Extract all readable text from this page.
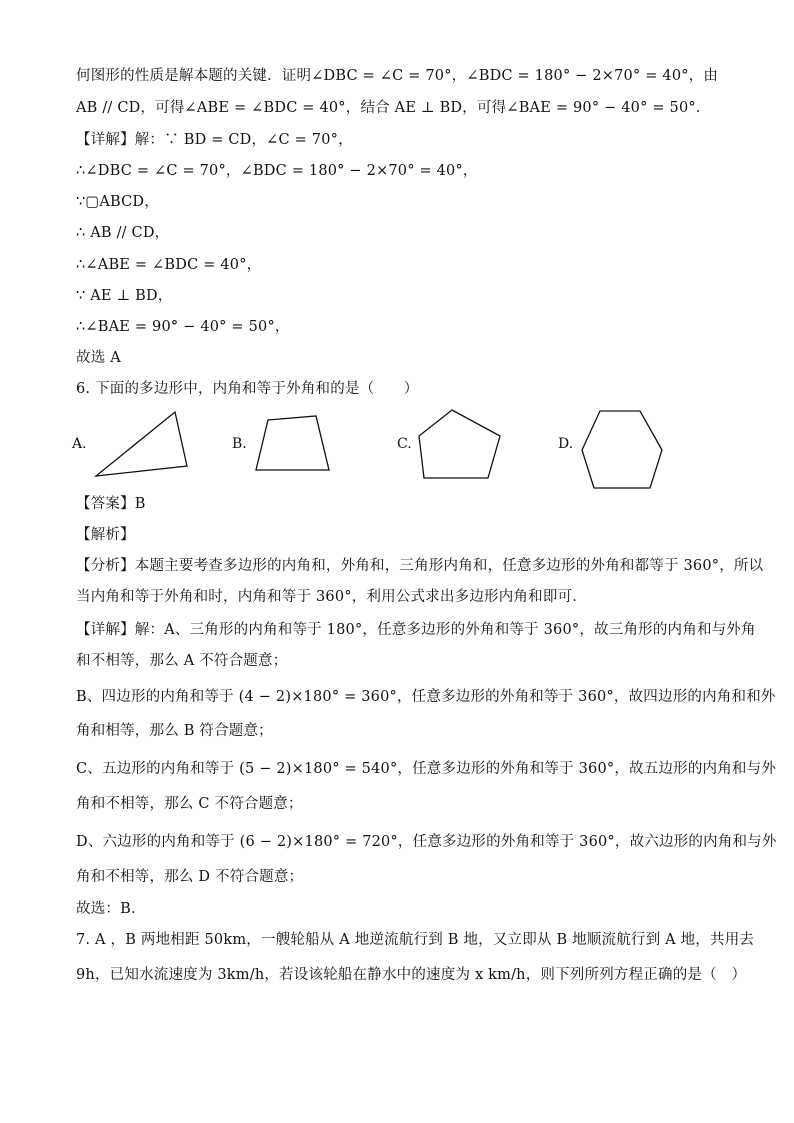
何图形的性质是解本题的关键．证明∠DBC = ∠C = 70°，∠BDC = 180° − 2×70° = 40°，由
AB // CD，可得∠ABE = ∠BDC = 40°，结合 AE ⊥ BD，可得∠BAE = 90° − 40° = 50°．
【详解】解：∵ BD = CD，∠C = 70°，
∴∠DBC = ∠C = 70°，∠BDC = 180° − 2×70° = 40°，
∵▢ABCD，
∴ AB // CD，
∴∠ABE = ∠BDC = 40°，
∵ AE ⊥ BD，
∴∠BAE = 90° − 40° = 50°，
故选 A
6. 下面的多边形中，内角和等于外角和的是（　　）
A.	B.	C.	D.
【答案】B
【解析】
【分析】本题主要考查多边形的内角和，外角和，三角形内角和，任意多边形的外角和都等于 360°，所以
当内角和等于外角和时，内角和等于 360°，利用公式求出多边形内角和即可．
【详解】解：A、三角形的内角和等于 180°，任意多边形的外角和等于 360°，故三角形的内角和与外角
和不相等，那么 A 不符合题意；
B、四边形的内角和等于 (4 − 2)×180° = 360°，任意多边形的外角和等于 360°，故四边形的内角和和外
角和相等，那么 B 符合题意；
C、五边形的内角和等于 (5 − 2)×180° = 540°，任意多边形的外角和等于 360°，故五边形的内角和与外
角和不相等，那么 C 不符合题意；
D、六边形的内角和等于 (6 − 2)×180° = 720°，任意多边形的外角和等于 360°，故六边形的内角和与外
角和不相等，那么 D 不符合题意；
故选：B．
7. A ，B 两地相距 50km，一艘轮船从 A 地逆流航行到 B 地，又立即从 B 地顺流航行到 A 地，共用去
9h，已知水流速度为 3km/h，若设该轮船在静水中的速度为 x km/h，则下列所列方程正确的是（　）
